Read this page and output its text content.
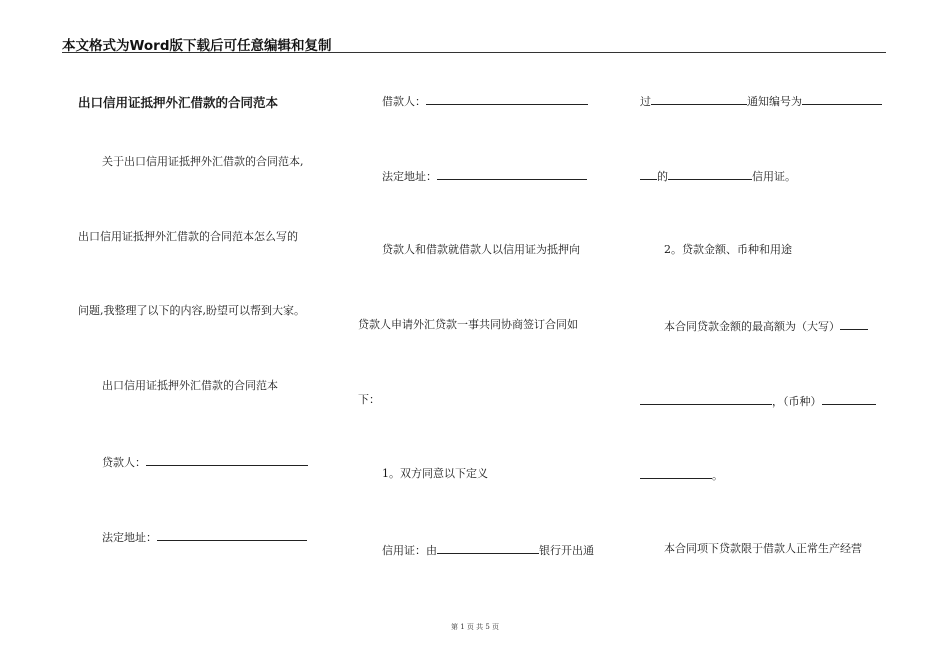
本文格式为Word版下载后可任意编辑和复制
出口信用证抵押外汇借款的合同范本
关于出口信用证抵押外汇借款的合同范本,
出口信用证抵押外汇借款的合同范本怎么写的
问题,我整理了以下的内容,盼望可以帮到大家。
出口信用证抵押外汇借款的合同范本
贷款人：
法定地址：
借款人：
法定地址：
贷款人和借款就借款人以信用证为抵押向
贷款人申请外汇贷款一事共同协商签订合同如
下：
1。双方同意以下定义
信用证：由	银行开出通
过	通知编号为
的	信用证。
2。贷款金额、币种和用途
本合同贷款金额的最高额为（大写）
，（币种）
。
本合同项下贷款限于借款人正常生产经营
第 1 页 共 5 页
